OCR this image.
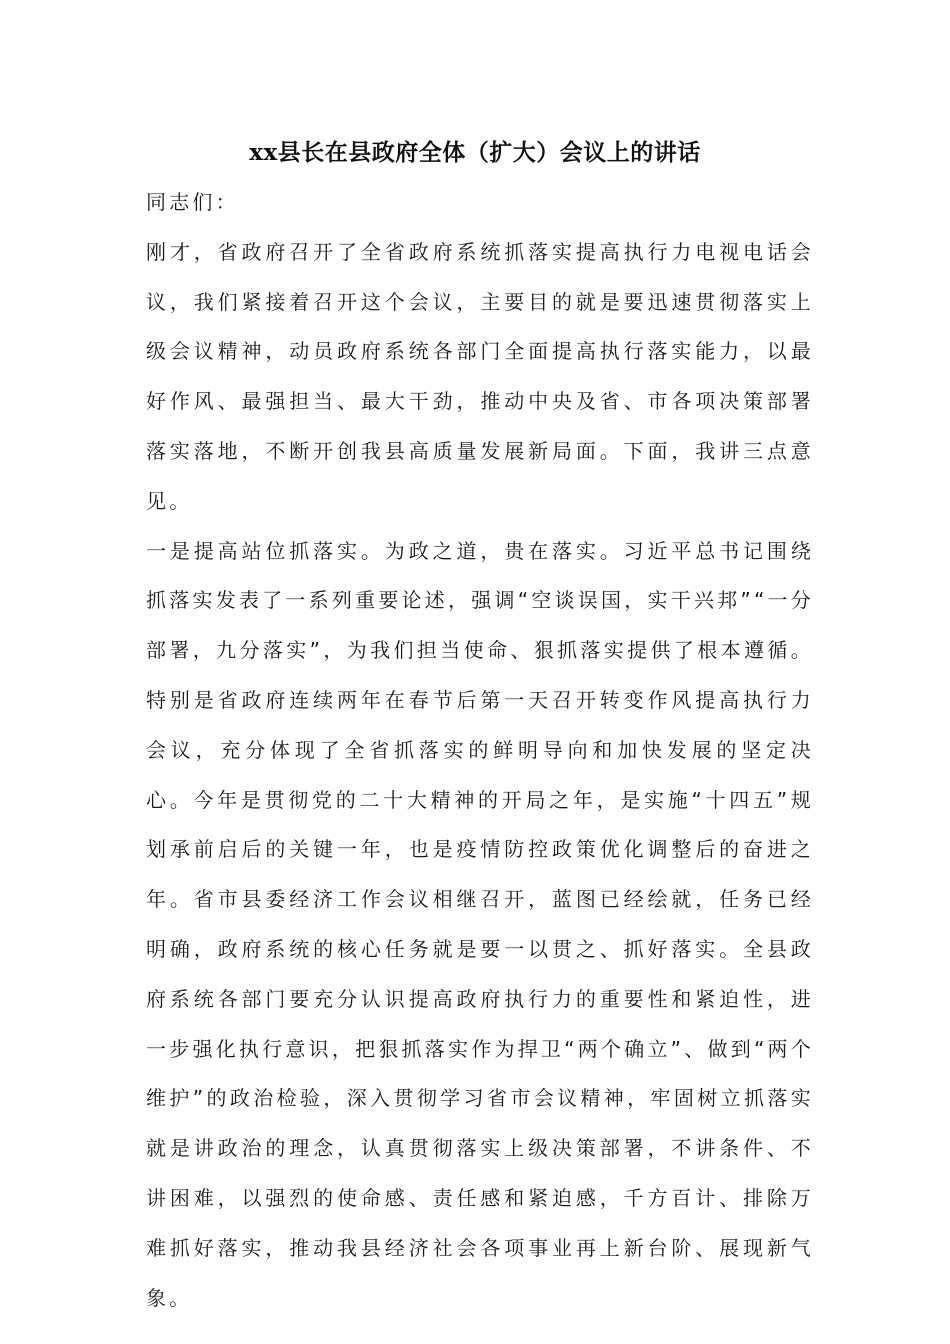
xx县长在县政府全体（扩大）会议上的讲话

同志们：

刚才，省政府召开了全省政府系统抓落实提高执行力电视电话会议，我们紧接着召开这个会议，主要目的就是要迅速贯彻落实上级会议精神，动员政府系统各部门全面提高执行落实能力，以最好作风、最强担当、最大干劲，推动中央及省、市各项决策部署落实落地，不断开创我县高质量发展新局面。下面，我讲三点意见。

一是提高站位抓落实。为政之道，贵在落实。习近平总书记围绕抓落实发表了一系列重要论述，强调“空谈误国，实干兴邦”“一分部署，九分落实”，为我们担当使命、狠抓落实提供了根本遵循。特别是省政府连续两年在春节后第一天召开转变作风提高执行力会议，充分体现了全省抓落实的鲜明导向和加快发展的坚定决心。今年是贯彻党的二十大精神的开局之年，是实施“十四五”规划承前启后的关键一年，也是疫情防控政策优化调整后的奋进之年。省市县委经济工作会议相继召开，蓝图已经绘就，任务已经明确，政府系统的核心任务就是要一以贯之、抓好落实。全县政府系统各部门要充分认识提高政府执行力的重要性和紧迫性，进一步强化执行意识，把狠抓落实作为捍卫“两个确立”、做到“两个维护”的政治检验，深入贯彻学习省市会议精神，牢固树立抓落实就是讲政治的理念，认真贯彻落实上级决策部署，不讲条件、不讲困难，以强烈的使命感、责任感和紧迫感，千方百计、排除万难抓好落实，推动我县经济社会各项事业再上新台阶、展现新气象。
